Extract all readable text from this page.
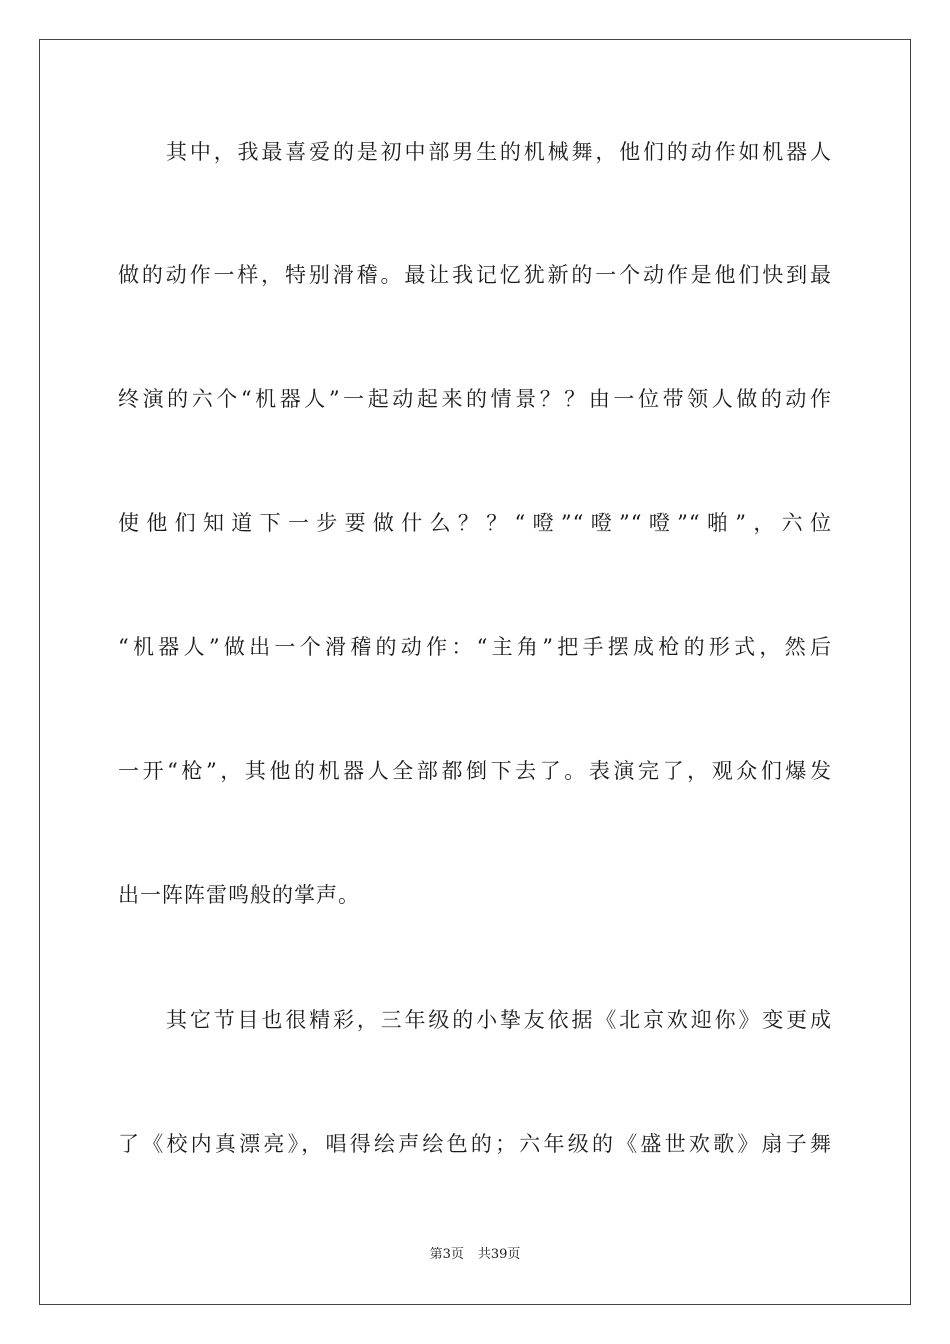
其中，我最喜爱的是初中部男生的机械舞，他们的动作如机器人
做的动作一样，特别滑稽。最让我记忆犹新的一个动作是他们快到最
终演的六个“机器人”一起动起来的情景？？由一位带领人做的动作
使他们知道下一步要做什么？？“噔”“噔”“噔”“啪”，六位
“机器人”做出一个滑稽的动作：“主角”把手摆成枪的形式，然后
一开“枪”，其他的机器人全部都倒下去了。表演完了，观众们爆发
出一阵阵雷鸣般的掌声。
其它节目也很精彩，三年级的小挚友依据《北京欢迎你》变更成
了《校内真漂亮》，唱得绘声绘色的；六年级的《盛世欢歌》扇子舞
第3页 共39页
